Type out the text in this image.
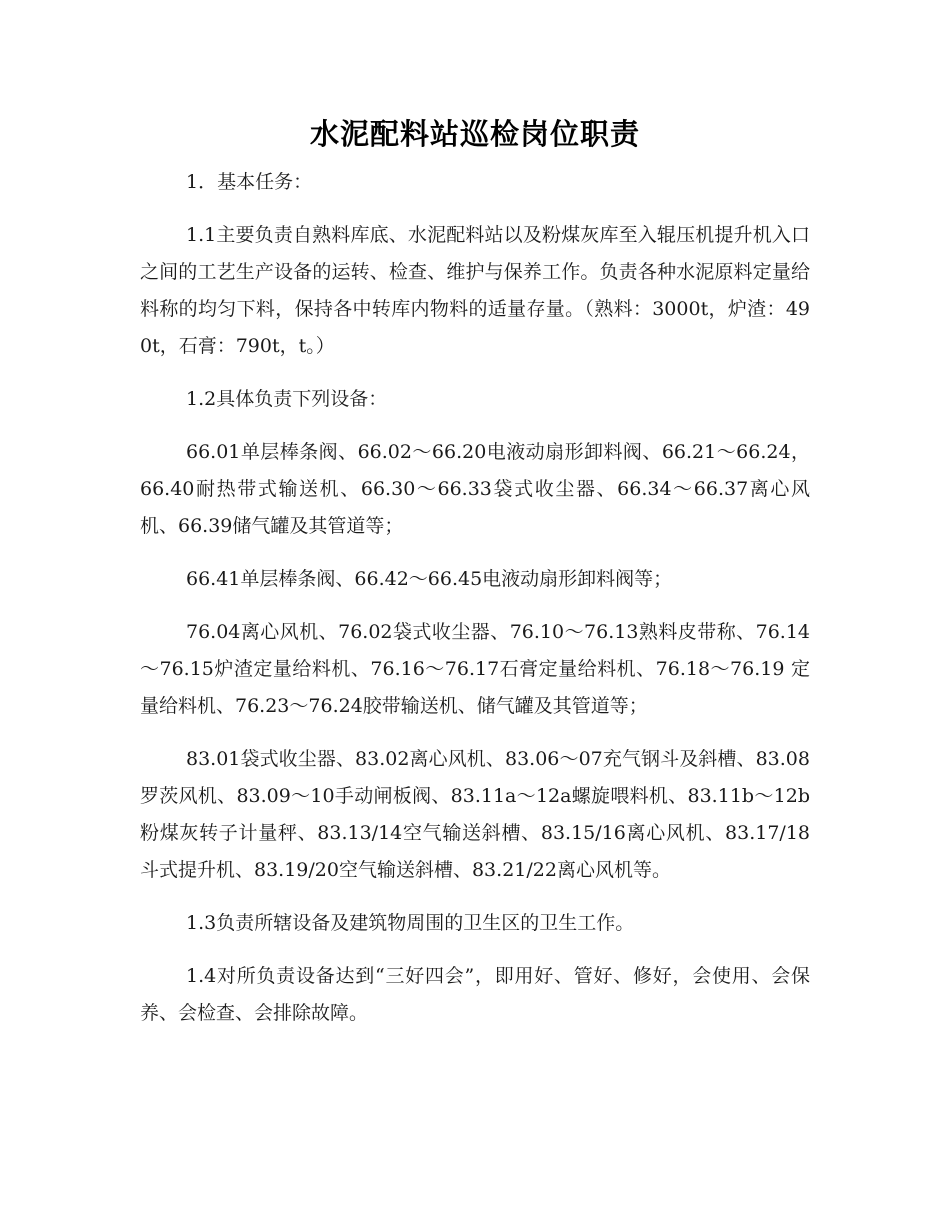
水泥配料站巡检岗位职责

1．基本任务：

1.1主要负责自熟料库底、水泥配料站以及粉煤灰库至入辊压机提升机入口之间的工艺生产设备的运转、检查、维护与保养工作。负责各种水泥原料定量给料称的均匀下料，保持各中转库内物料的适量存量。（熟料：3000t，炉渣：490t，石膏：790t，t。）

1.2具体负责下列设备：

66.01单层棒条阀、66.02～66.20电液动扇形卸料阀、66.21～66.24，66.40耐热带式输送机、66.30～66.33袋式收尘器、66.34～66.37离心风机、66.39储气罐及其管道等；

66.41单层棒条阀、66.42～66.45电液动扇形卸料阀等；

76.04离心风机、76.02袋式收尘器、76.10～76.13熟料皮带称、76.14～76.15炉渣定量给料机、76.16～76.17石膏定量给料机、76.18～76.19 定量给料机、76.23～76.24胶带输送机、储气罐及其管道等；

83.01袋式收尘器、83.02离心风机、83.06～07充气钢斗及斜槽、83.08罗茨风机、83.09～10手动闸板阀、83.11a～12a螺旋喂料机、83.11b～12b粉煤灰转子计量秤、83.13/14空气输送斜槽、83.15/16离心风机、83.17/18斗式提升机、83.19/20空气输送斜槽、83.21/22离心风机等。

1.3负责所辖设备及建筑物周围的卫生区的卫生工作。

1.4对所负责设备达到“三好四会”，即用好、管好、修好，会使用、会保养、会检查、会排除故障。
